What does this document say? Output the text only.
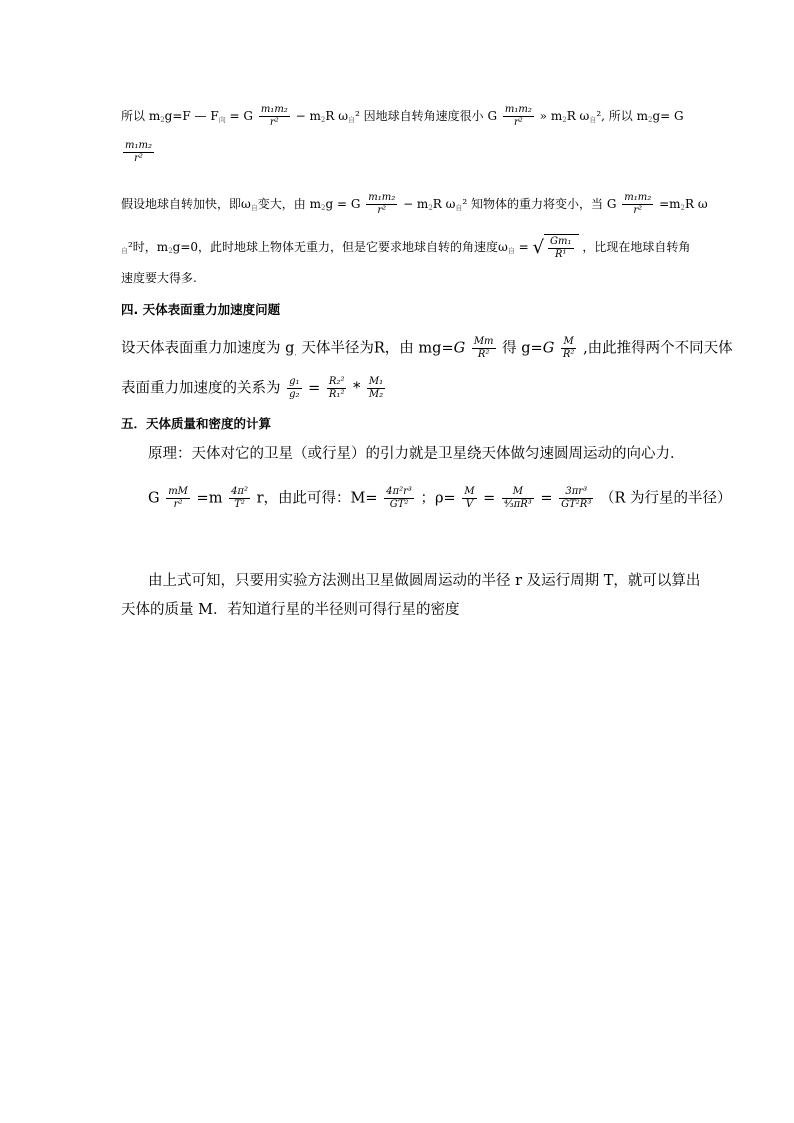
所以 $m_2g=F$ — $F_向 = G \frac{\text{m₁m₂}}{\text{r²}} - m_2R$ $\omega_自^2$ 因地球自转角速度很小 G $\frac{\text{m₁m₂}}{\text{r²}}$ » $m_2R$ $\omega_自^2$, 所以 $m_2g= G$
$\frac{\text{m₁m₂}}{\text{r²}}$
假设地球自转加快，即$\omega_自$变大，由 $m_2g = G \frac{\text{m₁m₂}}{\text{r²}} - m_2R$ $\omega_自^2$ 知物体的重力将变小，当 G $\frac{\text{m₁m₂}}{\text{r²}} =m_2R$ ω
$_自$²时，$m_2g=0$，此时地球上物体无重力，但是它要求地球自转的角速度$\omega_自$ = √ $\frac{\text{Gm₁}}{\text{R¹}}$ ，比现在地球自转角
速度要大得多.
四. 天体表面重力加速度问题
设天体表面重力加速度为 $g_,$天体半径为R，由 $mg=G \frac{Mm}{\text{R²}}$ 得 $g=G \frac{M}{\text{R²}}$ ,由此推得两个不同天体
表面重力加速度的关系为 $\frac{\text{g₁}}{\text{g₂}} = \frac{\text{R₂²}}{\text{R₁²}} * \frac{\text{M₁}}{\text{M₂}}$
五．天体质量和密度的计算
原理：天体对它的卫星（或行星）的引力就是卫星绕天体做匀速圆周运动的向心力．
G $\frac{mM}{\text{r²}} =m \frac{\text{4π²}}{\text{T²}}$ r，由此可得：$M= \frac{\text{4π²r³}}{\text{GT²}}$ ；$\rho= \frac{M}{V} = \frac{M}{\text{⁴⁄₃πR³}} = \frac{\text{3πr³}}{\text{GT²R³}} (R$ 为行星的半径）
由上式可知，只要用实验方法测出卫星做圆周运动的半径 r 及运行周期 T，就可以算出
天体的质量 M．若知道行星的半径则可得行星的密度
